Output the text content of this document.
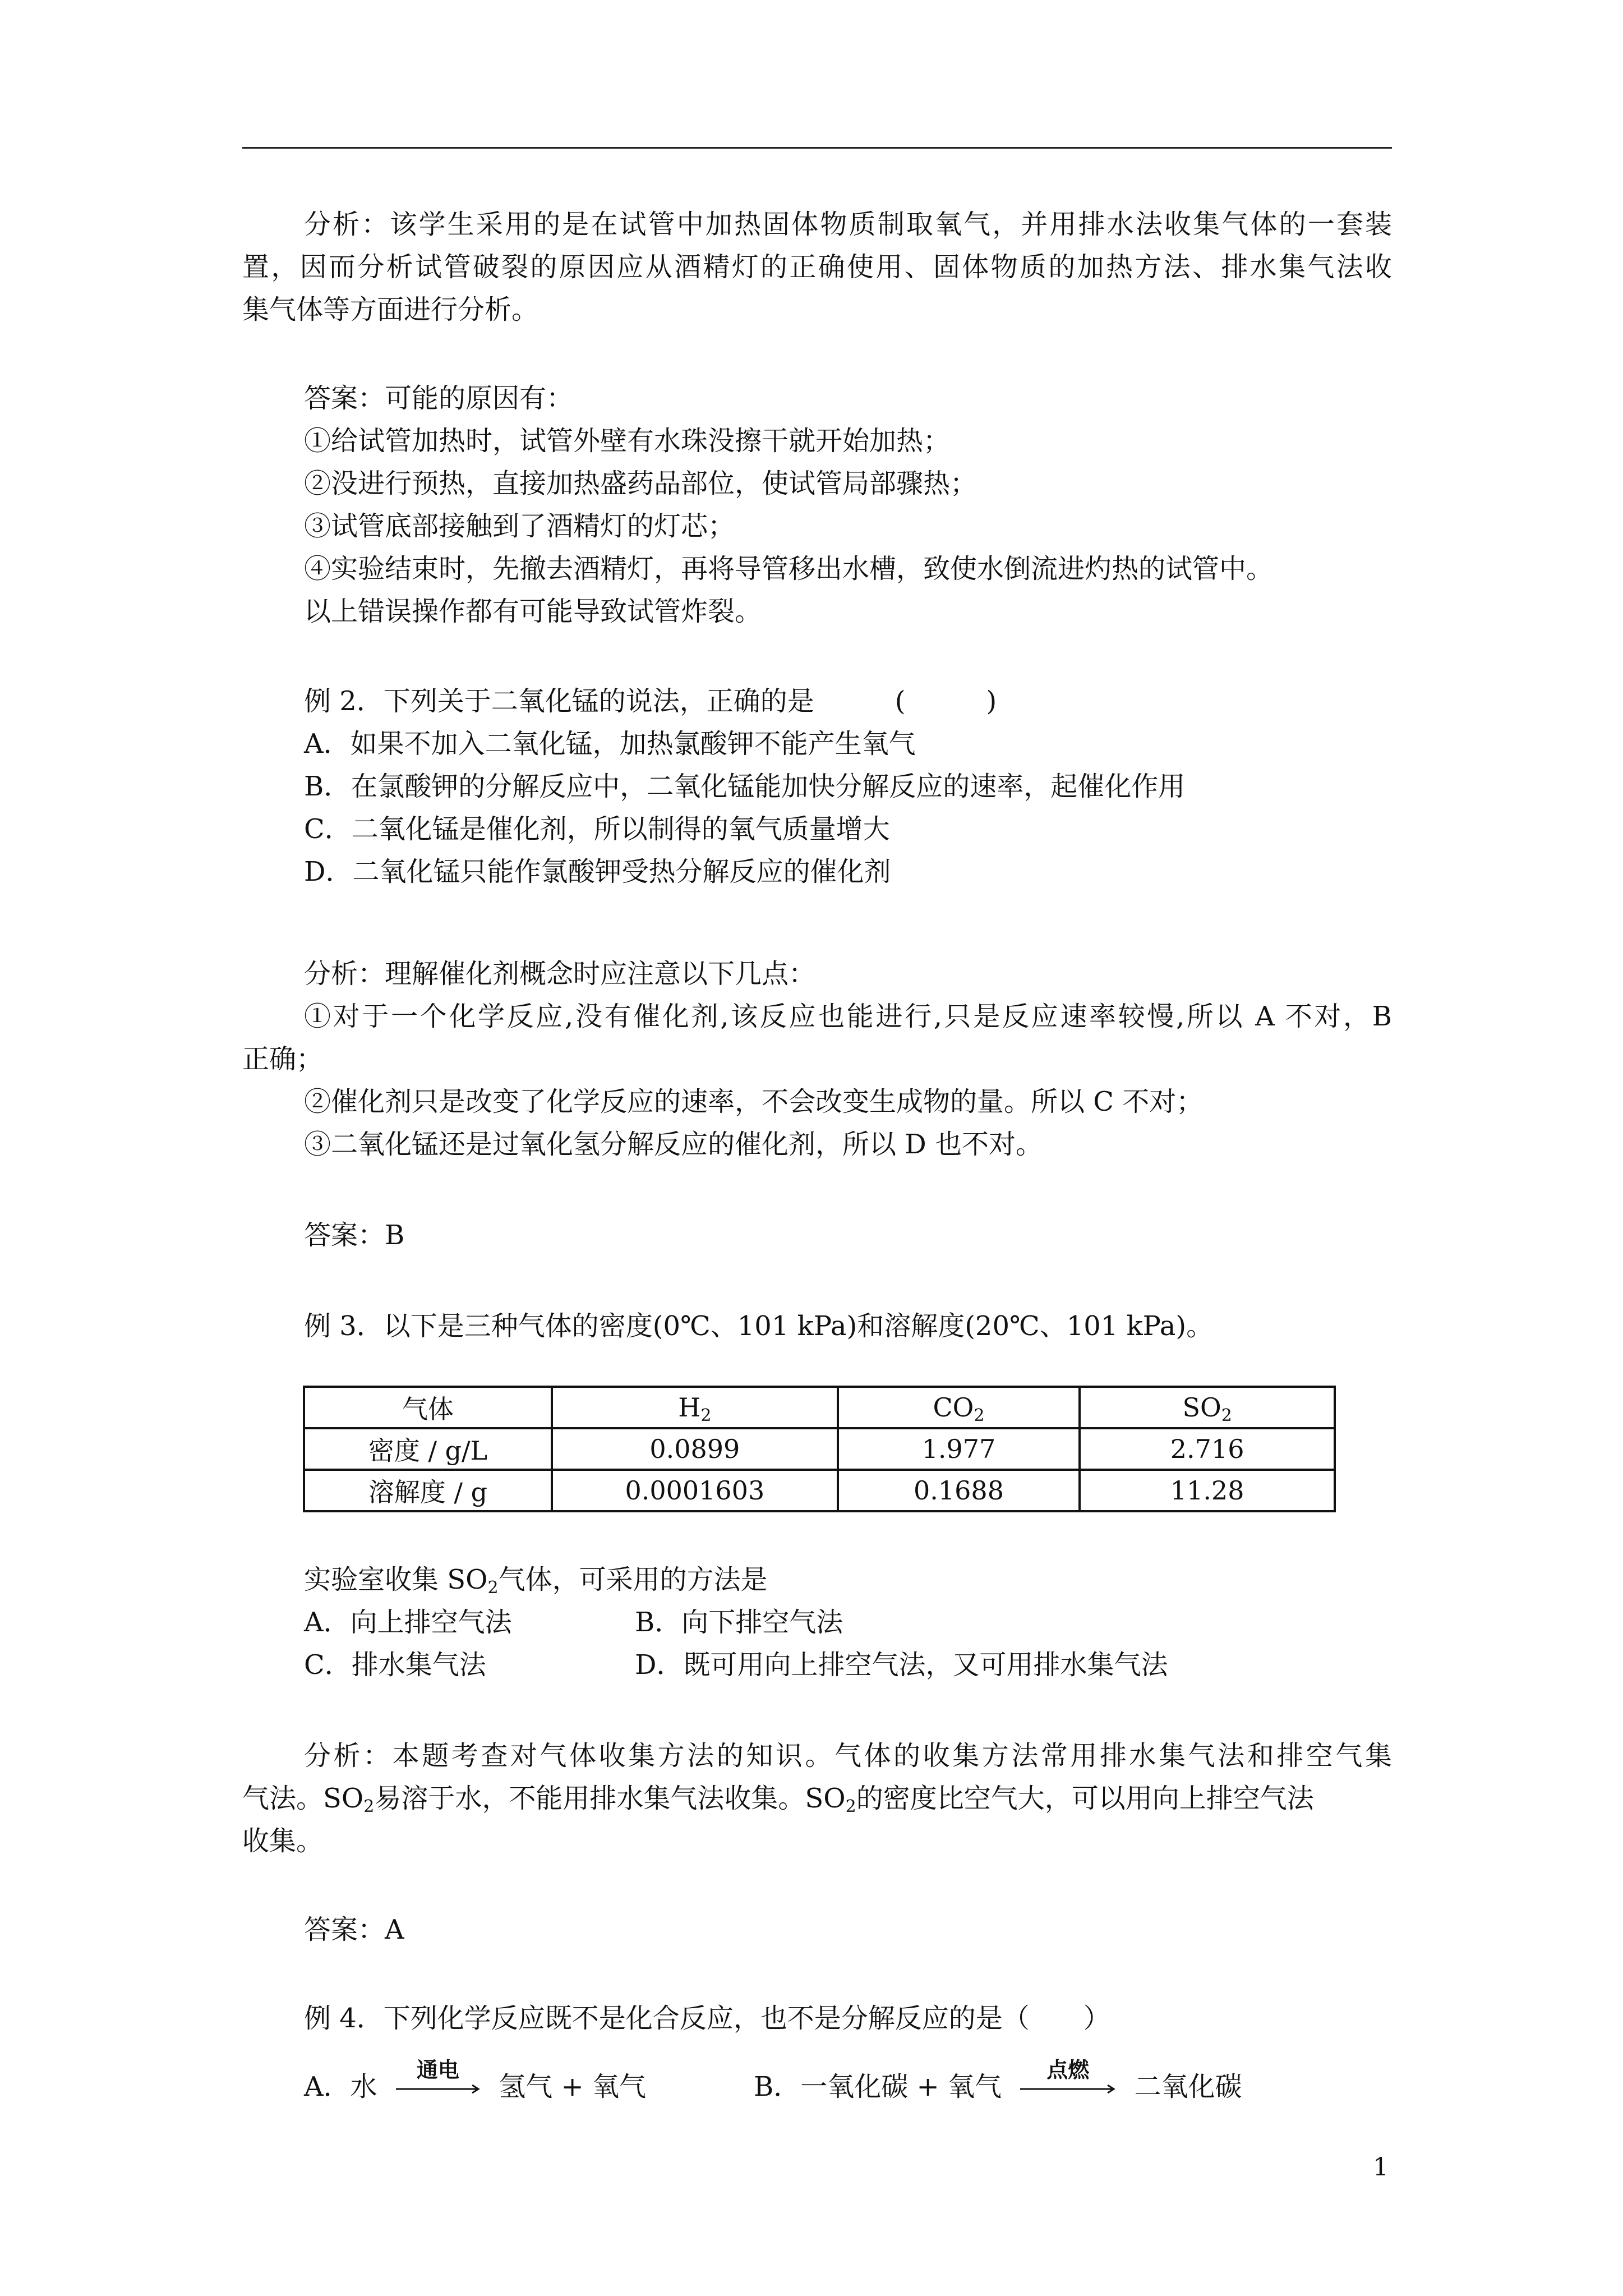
分析：该学生采用的是在试管中加热固体物质制取氧气，并用排水法收集气体的一套装
置，因而分析试管破裂的原因应从酒精灯的正确使用、固体物质的加热方法、排水集气法收
集气体等方面进行分析。
答案：可能的原因有：
①给试管加热时，试管外壁有水珠没擦干就开始加热；
②没进行预热，直接加热盛药品部位，使试管局部骤热；
③试管底部接触到了酒精灯的灯芯；
④实验结束时，先撤去酒精灯，再将导管移出水槽，致使水倒流进灼热的试管中。
以上错误操作都有可能导致试管炸裂。
例 2．下列关于二氧化锰的说法，正确的是　　　(　　　)
A．如果不加入二氧化锰，加热氯酸钾不能产生氧气
B．在氯酸钾的分解反应中，二氧化锰能加快分解反应的速率，起催化作用
C．二氧化锰是催化剂，所以制得的氧气质量增大
D．二氧化锰只能作氯酸钾受热分解反应的催化剂
分析：理解催化剂概念时应注意以下几点：
①对于一个化学反应,没有催化剂,该反应也能进行,只是反应速率较慢,所以 A 不对，B
正确；
②催化剂只是改变了化学反应的速率，不会改变生成物的量。所以 C 不对；
③二氧化锰还是过氧化氢分解反应的催化剂，所以 D 也不对。
答案：B
例 3．以下是三种气体的密度(0℃、101 kPa)和溶解度(20℃、101 kPa)。
气体	$H_2$	$CO_2$	$SO_2$
密度 / g/L	0.0899	1.977	2.716
溶解度 / g	0.0001603	0.1688	11.28
实验室收集 $SO_2$气体，可采用的方法是
A．向上排空气法	B．向下排空气法
C．排水集气法	D．既可用向上排空气法，又可用排水集气法
分析：本题考查对气体收集方法的知识。气体的收集方法常用排水集气法和排空气集
气法。$SO_2$易溶于水，不能用排水集气法收集。$SO_2$的密度比空气大，可以用向上排空气法
收集。
答案：A
例 4．下列化学反应既不是化合反应，也不是分解反应的是（　　）
A．水
通电
氢气 + 氧气	B．一氧化碳 + 氧气
点燃
二氧化碳
1
